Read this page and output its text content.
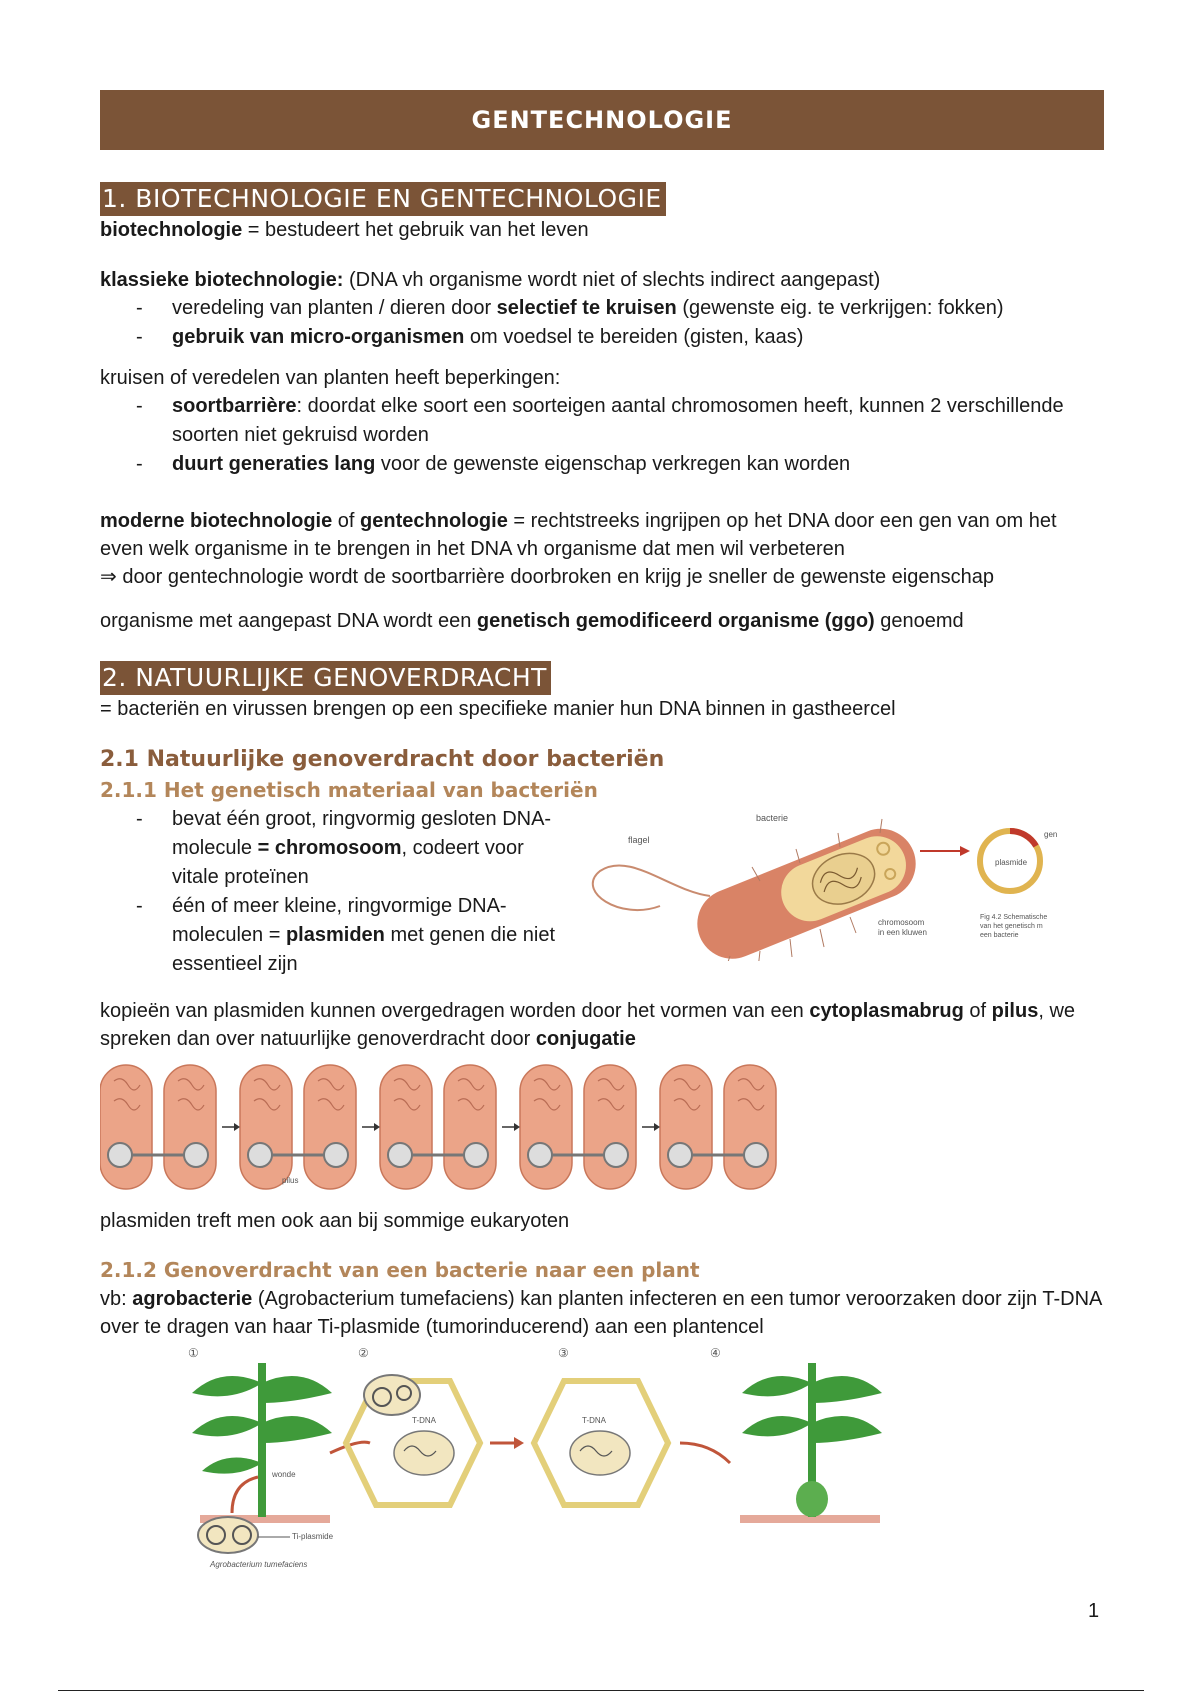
GENTECHNOLOGIE
1. BIOTECHNOLOGIE EN GENTECHNOLOGIE

biotechnologie = bestudeert het gebruik van het leven

klassieke biotechnologie: (DNA vh organisme wordt niet of slechts indirect aangepast)

- veredeling van planten / dieren door selectief te kruisen (gewenste eig. te verkrijgen: fokken)
- gebruik van micro-organismen om voedsel te bereiden (gisten, kaas)

kruisen of veredelen van planten heeft beperkingen:

- soortbarrière: doordat elke soort een soorteigen aantal chromosomen heeft, kunnen 2 verschillende soorten niet gekruisd worden
- duurt generaties lang voor de gewenste eigenschap verkregen kan worden

moderne biotechnologie of gentechnologie = rechtstreeks ingrijpen op het DNA door een gen van om het even welk organisme in te brengen in het DNA vh organisme dat men wil verbeteren

⇒ door gentechnologie wordt de soortbarrière doorbroken en krijg je sneller de gewenste eigenschap

organisme met aangepast DNA wordt een genetisch gemodificeerd organisme (ggo) genoemd

2. NATUURLIJKE GENOVERDRACHT

= bacteriën en virussen brengen op een specifieke manier hun DNA binnen in gastheercel

2.1 Natuurlijke genoverdracht door bacteriën
2.1.1 Het genetisch materiaal van bacteriën
- bevat één groot, ringvormig gesloten DNA-molecule = chromosoom, codeert voor vitale proteïnen
- één of meer kleine, ringvormige DNA-moleculen = plasmiden met genen die niet essentieel zijn
flagel
bacterie
chromosoom
in een kluwen
plasmide
gen
Fig 4.2 Schematische
van het genetisch m
een bacterie

kopieën van plasmiden kunnen overgedragen worden door het vormen van een cytoplasmabrug of pilus, we spreken dan over natuurlijke genoverdracht door conjugatie

pilus

plasmiden treft men ook aan bij sommige eukaryoten

2.1.2 Genoverdracht van een bacterie naar een plant

vb: agrobacterie (Agrobacterium tumefaciens) kan planten infecteren en een tumor veroorzaken door zijn T-DNA over te dragen van haar Ti-plasmide (tumorinducerend) aan een plantencel

①	②	③	④
Ti-plasmide
Agrobacterium tumefaciens
wonde
T-DNA	T-DNA
1
